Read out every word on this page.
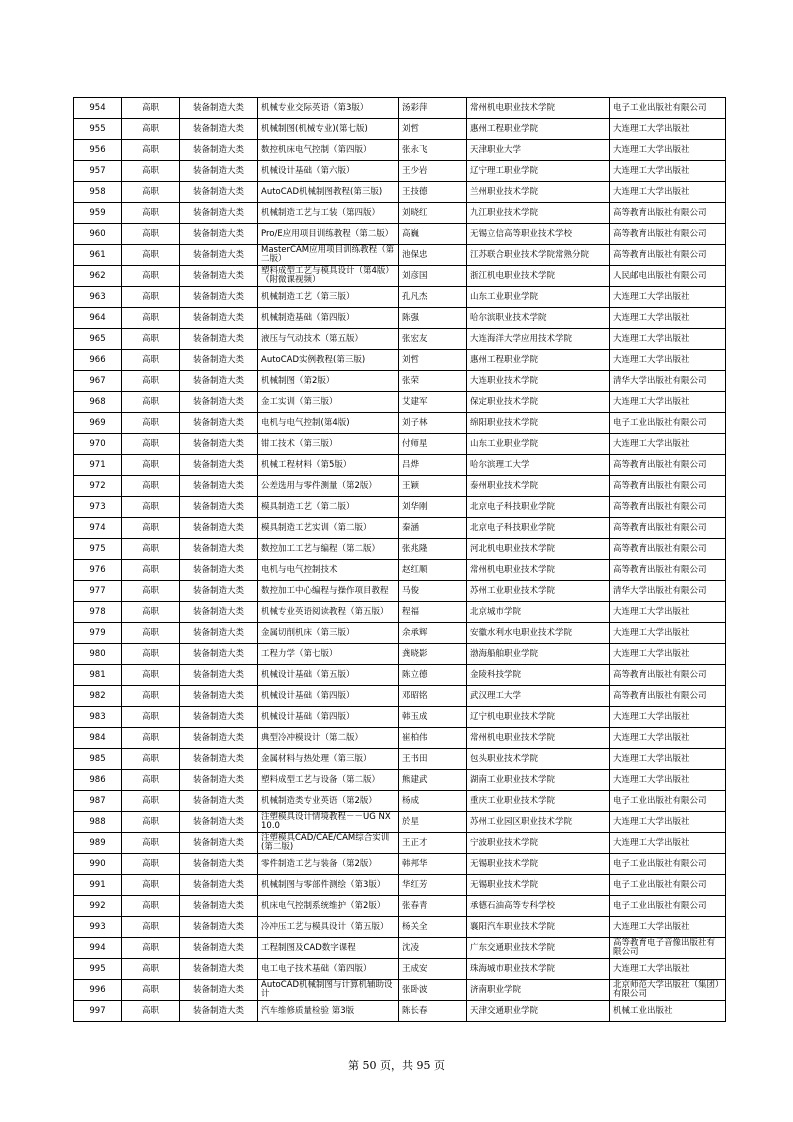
954	高职	装备制造大类	机械专业交际英语（第3版）	汤彩萍	常州机电职业技术学院	电子工业出版社有限公司
955	高职	装备制造大类	机械制图(机械专业)(第七版)	刘哲	惠州工程职业学院	大连理工大学出版社
956	高职	装备制造大类	数控机床电气控制（第四版）	张永飞	天津职业大学	大连理工大学出版社
957	高职	装备制造大类	机械设计基础（第六版）	王少岩	辽宁理工职业学院	大连理工大学出版社
958	高职	装备制造大类	AutoCAD机械制图教程(第三版)	王技德	兰州职业技术学院	大连理工大学出版社
959	高职	装备制造大类	机械制造工艺与工装（第四版）	刘晓红	九江职业技术学院	高等教育出版社有限公司
960	高职	装备制造大类	Pro/E应用项目训练教程（第二版）	高巍	无锡立信高等职业技术学校	高等教育出版社有限公司
961	高职	装备制造大类	MasterCAM应用项目训练教程（第二版）	池保忠	江苏联合职业技术学院常熟分院	高等教育出版社有限公司
962	高职	装备制造大类	塑料成型工艺与模具设计（第4版）（附微课视频）	刘彦国	浙江机电职业技术学院	人民邮电出版社有限公司
963	高职	装备制造大类	机械制造工艺（第三版）	孔凡杰	山东工业职业学院	大连理工大学出版社
964	高职	装备制造大类	机械制造基础（第四版）	陈强	哈尔滨职业技术学院	大连理工大学出版社
965	高职	装备制造大类	液压与气动技术（第五版）	张宏友	大连海洋大学应用技术学院	大连理工大学出版社
966	高职	装备制造大类	AutoCAD实例教程(第三版)	刘哲	惠州工程职业学院	大连理工大学出版社
967	高职	装备制造大类	机械制图（第2版）	张荣	大连职业技术学院	清华大学出版社有限公司
968	高职	装备制造大类	金工实训（第三版）	艾建军	保定职业技术学院	大连理工大学出版社
969	高职	装备制造大类	电机与电气控制(第4版)	刘子林	绵阳职业技术学院	电子工业出版社有限公司
970	高职	装备制造大类	钳工技术（第三版）	付师星	山东工业职业学院	大连理工大学出版社
971	高职	装备制造大类	机械工程材料（第5版）	吕烨	哈尔滨理工大学	高等教育出版社有限公司
972	高职	装备制造大类	公差选用与零件测量（第2版）	王颖	泰州职业技术学院	高等教育出版社有限公司
973	高职	装备制造大类	模具制造工艺（第二版）	刘华刚	北京电子科技职业学院	高等教育出版社有限公司
974	高职	装备制造大类	模具制造工艺实训（第二版）	秦涵	北京电子科技职业学院	高等教育出版社有限公司
975	高职	装备制造大类	数控加工工艺与编程（第二版）	张兆隆	河北机电职业技术学院	高等教育出版社有限公司
976	高职	装备制造大类	电机与电气控制技术	赵红顺	常州机电职业技术学院	高等教育出版社有限公司
977	高职	装备制造大类	数控加工中心编程与操作项目教程	马俊	苏州工业职业技术学院	清华大学出版社有限公司
978	高职	装备制造大类	机械专业英语阅读教程（第五版）	程福	北京城市学院	大连理工大学出版社
979	高职	装备制造大类	金属切削机床（第三版）	余承辉	安徽水利水电职业技术学院	大连理工大学出版社
980	高职	装备制造大类	工程力学（第七版）	龚晓影	渤海船舶职业学院	大连理工大学出版社
981	高职	装备制造大类	机械设计基础（第五版）	陈立德	金陵科技学院	高等教育出版社有限公司
982	高职	装备制造大类	机械设计基础（第四版）	邓昭铭	武汉理工大学	高等教育出版社有限公司
983	高职	装备制造大类	机械设计基础（第四版）	韩玉成	辽宁机电职业技术学院	大连理工大学出版社
984	高职	装备制造大类	典型冷冲模设计（第二版）	崔柏伟	常州机电职业技术学院	大连理工大学出版社
985	高职	装备制造大类	金属材料与热处理（第三版）	王书田	包头职业技术学院	大连理工大学出版社
986	高职	装备制造大类	塑料成型工艺与设备（第二版）	熊建武	湖南工业职业技术学院	大连理工大学出版社
987	高职	装备制造大类	机械制造类专业英语（第2版）	杨成	重庆工业职业技术学院	电子工业出版社有限公司
988	高职	装备制造大类	注塑模具设计情境教程－－UG NX 10.0	於星	苏州工业园区职业技术学院	大连理工大学出版社
989	高职	装备制造大类	注塑模具CAD/CAE/CAM综合实训(第二版)	王正才	宁波职业技术学院	大连理工大学出版社
990	高职	装备制造大类	零件制造工艺与装备（第2版）	韩邦华	无锡职业技术学院	电子工业出版社有限公司
991	高职	装备制造大类	机械制图与零部件测绘（第3版）	华红芳	无锡职业技术学院	电子工业出版社有限公司
992	高职	装备制造大类	机床电气控制系统维护（第2版）	张春青	承德石油高等专科学校	电子工业出版社有限公司
993	高职	装备制造大类	冷冲压工艺与模具设计（第五版）	杨关全	襄阳汽车职业技术学院	大连理工大学出版社
994	高职	装备制造大类	工程制图及CAD数字课程	沈凌	广东交通职业技术学院	高等教育电子音像出版社有限公司
995	高职	装备制造大类	电工电子技术基础（第四版）	王成安	珠海城市职业技术学院	大连理工大学出版社
996	高职	装备制造大类	AutoCAD机械制图与计算机辅助设计	张卧波	济南职业学院	北京师范大学出版社（集团）有限公司
997	高职	装备制造大类	汽车维修质量检验 第3版	陈长春	天津交通职业学院	机械工业出版社
第 50 页，共 95 页
